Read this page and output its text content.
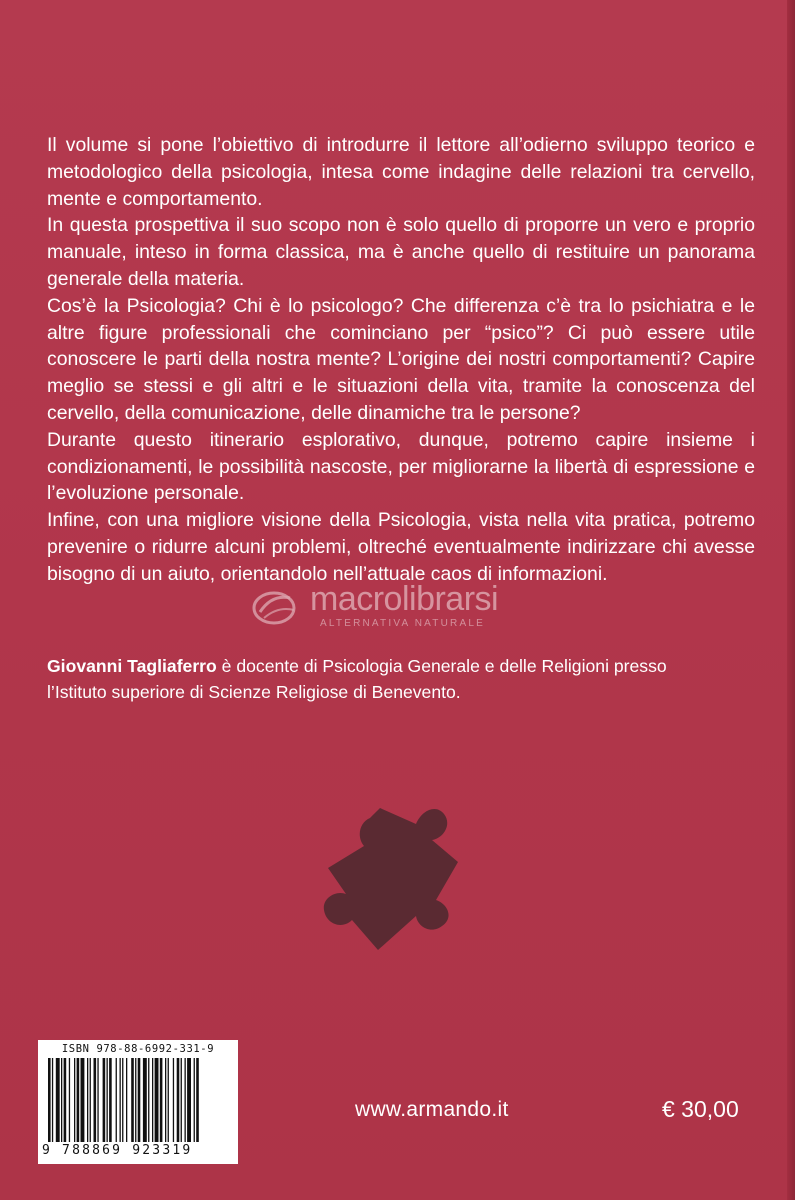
Il volume si pone l’obiettivo di introdurre il lettore all’odierno sviluppo teorico e metodologico della psicologia, intesa come indagine delle relazioni tra cervello, mente e comportamento.

In questa prospettiva il suo scopo non è solo quello di proporre un vero e proprio manuale, inteso in forma classica, ma è anche quello di restituire un panorama generale della materia.

Cos’è la Psicologia? Chi è lo psicologo? Che differenza c’è tra lo psichiatra e le altre figure professionali che cominciano per “psico”? Ci può essere utile conoscere le parti della nostra mente? L’origine dei nostri comportamenti? Capire meglio se stessi e gli altri e le situazioni della vita, tramite la conoscenza del cervello, della comunicazione, delle dinamiche tra le persone?

Durante questo itinerario esplorativo, dunque, potremo capire insieme i condizionamenti, le possibilità nascoste, per migliorarne la libertà di espressione e l’evoluzione personale.

Infine, con una migliore visione della Psicologia, vista nella vita pratica, potremo prevenire o ridurre alcuni problemi, oltreché eventualmente indirizzare chi avesse bisogno di un aiuto, orientandolo nell’attuale caos di informazioni.

macrolibrarsi
ALTERNATIVA NATURALE
Giovanni Tagliaferro è docente di Psicologia Generale e delle Religioni presso
l’Istituto superiore di Scienze Religiose di Benevento.
ISBN 978-88-6992-331-9
9 788869 923319
www.armando.it	€ 30,00
